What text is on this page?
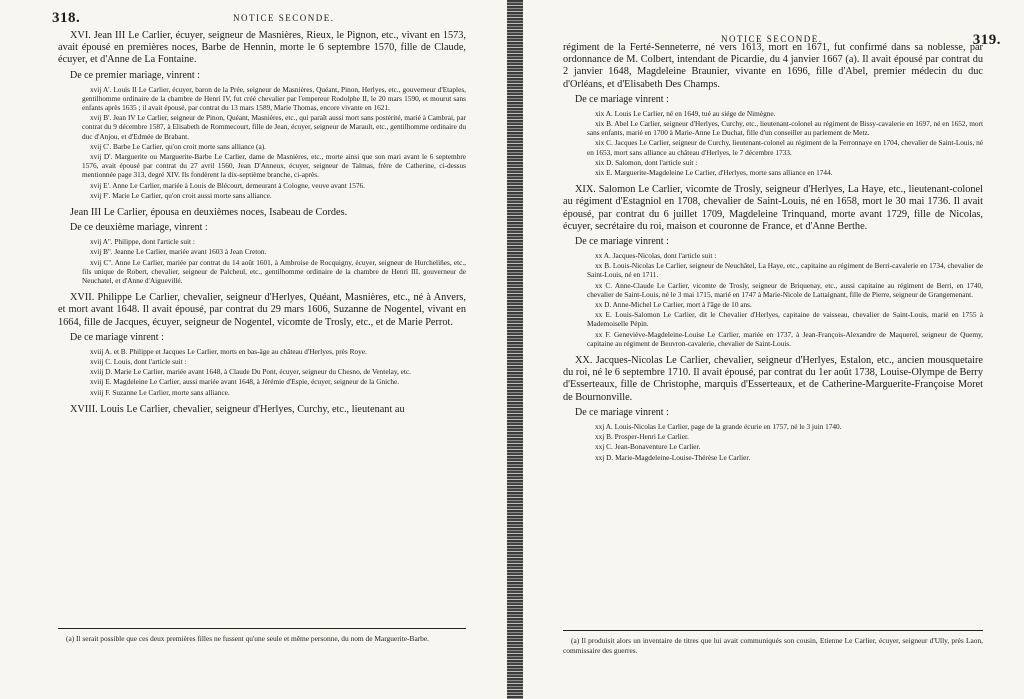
318.	NOTICE SECONDE.

XVI. Jean III Le Carlier, écuyer, seigneur de Masnières, Rieux, le Pignon, etc., vivant en 1573, avait épousé en premières noces, Barbe de Hennin, morte le 6 septembre 1570, fille de Claude, écuyer, et d'Anne de La Fontaine.

De ce premier mariage, vinrent :

xvij A'. Louis II Le Carlier, écuyer, baron de la Prée, seigneur de Masnières, Quéant, Pinon, Herlyes, etc., gouverneur d'Etaples, gentilhomme ordinaire de la chambre de Henri IV, fut créé chevalier par l'empereur Rodolphe II, le 20 mars 1590, et mourut sans enfants après 1635 ; il avait épousé, par contrat du 13 mars 1589, Marie Thomas, encore vivante en 1621.

xvij B'. Jean IV Le Carlier, seigneur de Pinon, Quéant, Masnières, etc., qui paraît aussi mort sans postérité, marié à Cambrai, par contrat du 9 décembre 1587, à Elisabeth de Rommecourt, fille de Jean, écuyer, seigneur de Marault, etc., gentilhomme ordinaire du duc d'Anjou, et d'Edmée de Brabant.

xvij C'. Barbe Le Carlier, qu'on croit morte sans alliance (a).

xvij D'. Marguerite ou Marguerite-Barbe Le Carlier, dame de Masnières, etc., morte ainsi que son mari avant le 6 septembre 1576, avait épousé par contrat du 27 avril 1560, Jean D'Anneux, écuyer, seigneur de Talmas, frère de Catherine, ci-dessus mentionnée page 313, degré XIV. Ils fondèrent la dix-septième branche, ci-après.

xvij E'. Anne Le Carlier, mariée à Louis de Blécourt, demeurant à Cologne, veuve avant 1576.

xvij F'. Marie Le Carlier, qu'on croit aussi morte sans alliance.

Jean III Le Carlier, épousa en deuxièmes noces, Isabeau de Cordes.

De ce deuxième mariage, vinrent :

xvij A''. Philippe, dont l'article suit :

xvij B''. Jeanne Le Carlier, mariée avant 1603 à Jean Creton.

xvij C''. Anne Le Carlier, mariée par contrat du 14 août 1601, à Ambroise de Rocquigny, écuyer, seigneur de Hurcheliñes, etc., fils unique de Robert, chevalier, seigneur de Palcheul, etc., gentilhomme ordinaire de la chambre de Henri III, gouverneur de Neuchatel, et d'Anne d'Aiguevillé.

XVII. Philippe Le Carlier, chevalier, seigneur d'Herlyes, Quéant, Masnières, etc., né à Anvers, et mort avant 1648. Il avait épousé, par contrat du 29 mars 1606, Suzanne de Nogentel, vivant en 1664, fille de Jacques, écuyer, seigneur de Nogentel, vicomte de Trosly, etc., et de Marie Perrot.

De ce mariage vinrent :

xviij A. et B. Philippe et Jacques Le Carlier, morts en bas-âge au château d'Herlyes, près Roye.

xviij C. Louis, dont l'article suit :

xviij D. Marie Le Carlier, mariée avant 1648, à Claude Du Pont, écuyer, seigneur du Chesno, de Ventelay, etc.

xviij E. Magdeleine Le Carlier, aussi mariée avant 1648, à Jérémie d'Espie, écuyer, seigneur de la Gniche.

xviij F. Suzanne Le Carlier, morte sans alliance.

XVIII. Louis Le Carlier, chevalier, seigneur d'Herlyes, Curchy, etc., lieutenant au

(a) Il serait possible que ces deux premières filles ne fussent qu'une seule et même personne, du nom de Marguerite-Barbe.

NOTICE SECONDE.	319.

régiment de la Ferté-Senneterre, né vers 1613, mort en 1671, fut confirmé dans sa noblesse, par ordonnance de M. Colbert, intendant de Picardie, du 4 janvier 1667 (a). Il avait épousé par contrat du 2 janvier 1648, Magdeleine Braunier, vivante en 1696, fille d'Abel, premier médecin du duc d'Orléans, et d'Elisabeth Des Champs.

De ce mariage vinrent :

xix A. Louis Le Carlier, né en 1649, tué au siége de Nimègne.

xix B. Abel Le Carlier, seigneur d'Herlyes, Curchy, etc., lieutenant-colonel au régiment de Bissy-cavalerie en 1697, né en 1652, mort sans enfants, marié en 1700 à Marie-Anne Le Duchat, fille d'un conseiller au parlement de Metz.

xix C. Jacques Le Carlier, seigneur de Curchy, lieutenant-colonel au régiment de la Ferronnaye en 1704, chevalier de Saint-Louis, né en 1653, mort sans alliance au château d'Herlyes, le 7 décembre 1733.

xix D. Salomon, dont l'article suit :

xix E. Marguerite-Magdeleine Le Carlier, d'Herlyes, morte sans alliance en 1744.

XIX. Salomon Le Carlier, vicomte de Trosly, seigneur d'Herlyes, La Haye, etc., lieutenant-colonel au régiment d'Estagniol en 1708, chevalier de Saint-Louis, né en 1658, mort le 30 mai 1736. Il avait épousé, par contrat du 6 juillet 1709, Magdeleine Trinquand, morte avant 1729, fille de Nicolas, écuyer, secrétaire du roi, maison et couronne de France, et d'Anne Berthe.

De ce mariage vinrent :

xx A. Jacques-Nicolas, dont l'article suit :

xx B. Louis-Nicolas Le Carlier, seigneur de Neuchâtel, La Haye, etc., capitaine au régiment de Berri-cavalerie en 1734, chevalier de Saint-Louis, né en 1711.

xx C. Anne-Claude Le Carlier, vicomte de Trosly, seigneur de Briquenay, etc., aussi capitaine au régiment de Berri, en 1740, chevalier de Saint-Louis, né le 3 mai 1715, marié en 1747 à Marie-Nicole de Lattaignant, fille de Pierre, seigneur de Grangemenant.

xx D. Anne-Michel Le Carlier, mort à l'âge de 10 ans.

xx E. Louis-Salomon Le Carlier, dit le Chevalier d'Herlyes, capitaine de vaisseau, chevalier de Saint-Louis, marié en 1755 à Mademoiselle Pépin.

xx F. Geneviève-Magdeleine-Louise Le Carlier, mariée en 1737, à Jean-François-Alexandre de Maquerel, seigneur de Quemy, capitaine au régiment de Beuvron-cavalerie, chevalier de Saint-Louis.

XX. Jacques-Nicolas Le Carlier, chevalier, seigneur d'Herlyes, Estalon, etc., ancien mousquetaire du roi, né le 6 septembre 1710. Il avait épousé, par contrat du 1er août 1738, Louise-Olympe de Berry d'Esserteaux, fille de Christophe, marquis d'Esserteaux, et de Catherine-Marguerite-Françoise Moret de Bournonville.

De ce mariage vinrent :

xxj A. Louis-Nicolas Le Carlier, page de la grande écurie en 1757, né le 3 juin 1740.

xxj B. Prosper-Henri Le Carlier.

xxj C. Jean-Bonaventure Le Carlier.

xxj D. Marie-Magdeleine-Louise-Thérèse Le Carlier.

(a) Il produisit alors un inventaire de titres que lui avait communiqués son cousin, Etienne Le Carlier, écuyer, seigneur d'Ully, près Laon, commissaire des guerres.
